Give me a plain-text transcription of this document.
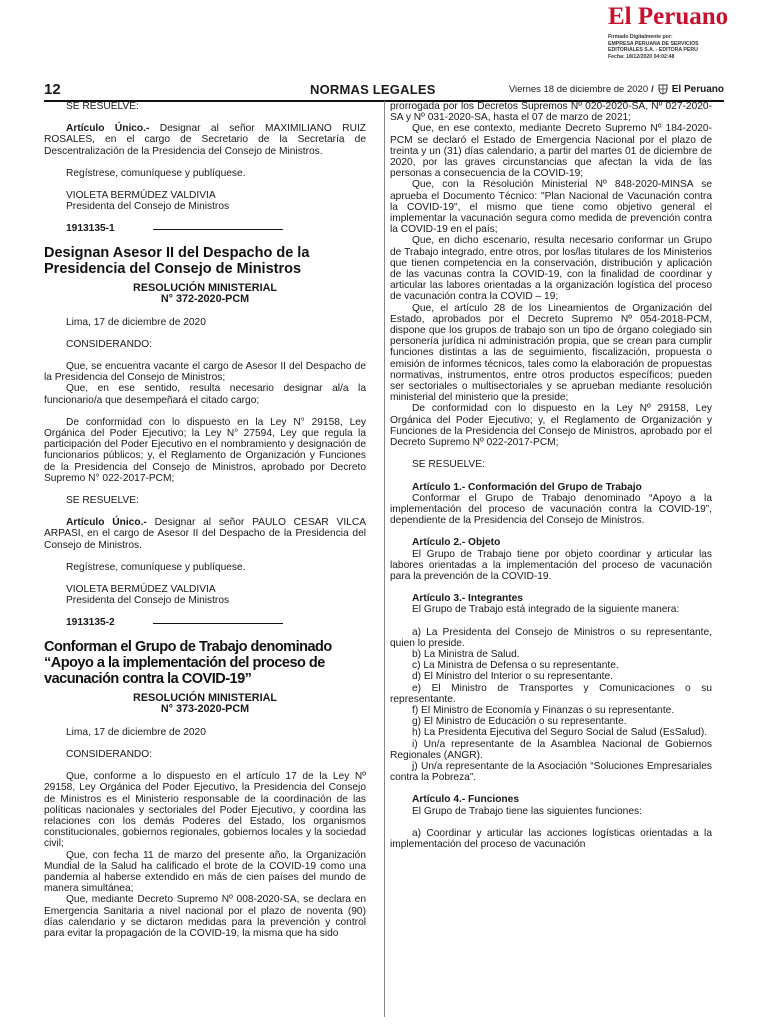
El Peruano
Firmado Digitalmente por:
EMPRESA PERUANA DE SERVICIOS
EDITORIALES S.A. - EDITORA PERU
Fecha: 18/12/2020 04:02:48
12	NORMAS LEGALES	Viernes 18 de diciembre de 2020 / El Peruano

SE RESUELVE:

Artículo Único.- Designar al señor MAXIMILIANO RUIZ ROSALES, en el cargo de Secretario de la Secretaría de Descentralización de la Presidencia del Consejo de Ministros.

Regístrese, comuníquese y publíquese.

VIOLETA BERMÚDEZ VALDIVIA

Presidenta del Consejo de Ministros

1913135-1
Designan Asesor II del Despacho de la Presidencia del Consejo de Ministros
RESOLUCIÓN MINISTERIAL
N° 372-2020-PCM

Lima, 17 de diciembre de 2020

CONSIDERANDO:

Que, se encuentra vacante el cargo de Asesor II del Despacho de la Presidencia del Consejo de Ministros;

Que, en ese sentido, resulta necesario designar al/a la funcionario/a que desempeñará el citado cargo;

De conformidad con lo dispuesto en la Ley N° 29158, Ley Orgánica del Poder Ejecutivo; la Ley N° 27594, Ley que regula la participación del Poder Ejecutivo en el nombramiento y designación de funcionarios públicos; y, el Reglamento de Organización y Funciones de la Presidencia del Consejo de Ministros, aprobado por Decreto Supremo N° 022-2017-PCM;

SE RESUELVE:

Artículo Único.- Designar al señor PAULO CESAR VILCA ARPASI, en el cargo de Asesor II del Despacho de la Presidencia del Consejo de Ministros.

Regístrese, comuníquese y publíquese.

VIOLETA BERMÚDEZ VALDIVIA

Presidenta del Consejo de Ministros

1913135-2
Conforman el Grupo de Trabajo denominado “Apoyo a la implementación del proceso de vacunación contra la COVID-19”
RESOLUCIÓN MINISTERIAL
N° 373-2020-PCM

Lima, 17 de diciembre de 2020

CONSIDERANDO:

Que, conforme a lo dispuesto en el artículo 17 de la Ley Nº 29158, Ley Orgánica del Poder Ejecutivo, la Presidencia del Consejo de Ministros es el Ministerio responsable de la coordinación de las políticas nacionales y sectoriales del Poder Ejecutivo, y coordina las relaciones con los demás Poderes del Estado, los organismos constitucionales, gobiernos regionales, gobiernos locales y la sociedad civil;

Que, con fecha 11 de marzo del presente año, la Organización Mundial de la Salud ha calificado el brote de la COVID-19 como una pandemia al haberse extendido en más de cien países del mundo de manera simultánea;

Que, mediante Decreto Supremo Nº 008-2020-SA, se declara en Emergencia Sanitaria a nivel nacional por el plazo de noventa (90) días calendario y se dictaron medidas para la prevención y control para evitar la propagación de la COVID-19, la misma que ha sido

prorrogada por los Decretos Supremos Nº 020-2020-SA, Nº 027-2020-SA y Nº 031-2020-SA, hasta el 07 de marzo de 2021;

Que, en ese contexto, mediante Decreto Supremo Nº 184-2020-PCM se declaró el Estado de Emergencia Nacional por el plazo de treinta y un (31) días calendario, a partir del martes 01 de diciembre de 2020, por las graves circunstancias que afectan la vida de las personas a consecuencia de la COVID-19;

Que, con la Resolución Ministerial Nº 848-2020-MINSA se aprueba el Documento Técnico: "Plan Nacional de Vacunación contra la COVID-19", el mismo que tiene como objetivo general el implementar la vacunación segura como medida de prevención contra la COVID-19 en el país;

Que, en dicho escenario, resulta necesario conformar un Grupo de Trabajo integrado, entre otros, por los/las titulares de los Ministerios que tienen competencia en la conservación, distribución y aplicación de las vacunas contra la COVID-19, con la finalidad de coordinar y articular las labores orientadas a la organización logística del proceso de vacunación contra la COVID – 19;

Que, el artículo 28 de los Lineamientos de Organización del Estado, aprobados por el Decreto Supremo Nº 054-2018-PCM, dispone que los grupos de trabajo son un tipo de órgano colegiado sin personería jurídica ni administración propia, que se crean para cumplir funciones distintas a las de seguimiento, fiscalización, propuesta o emisión de informes técnicos, tales como la elaboración de propuestas normativas, instrumentos, entre otros productos específicos; pueden ser sectoriales o multisectoriales y se aprueban mediante resolución ministerial del ministerio que la preside;

De conformidad con lo dispuesto en la Ley Nº 29158, Ley Orgánica del Poder Ejecutivo; y, el Reglamento de Organización y Funciones de la Presidencia del Consejo de Ministros, aprobado por el Decreto Supremo Nº 022-2017-PCM;

SE RESUELVE:

Artículo 1.- Conformación del Grupo de Trabajo

Conformar el Grupo de Trabajo denominado “Apoyo a la implementación del proceso de vacunación contra la COVID-19”, dependiente de la Presidencia del Consejo de Ministros.

Artículo 2.- Objeto

El Grupo de Trabajo tiene por objeto coordinar y articular las labores orientadas a la implementación del proceso de vacunación para la prevención de la COVID-19.

Artículo 3.- Integrantes

El Grupo de Trabajo está integrado de la siguiente manera:

a) La Presidenta del Consejo de Ministros o su representante, quien lo preside.

b) La Ministra de Salud.

c) La Ministra de Defensa o su representante.

d) El Ministro del Interior o su representante.

e) El Ministro de Transportes y Comunicaciones o su representante.

f) El Ministro de Economía y Finanzas o su representante.

g) El Ministro de Educación o su representante.

h) La Presidenta Ejecutiva del Seguro Social de Salud (EsSalud).

i) Un/a representante de la Asamblea Nacional de Gobiernos Regionales (ANGR).

j) Un/a representante de la Asociación “Soluciones Empresariales contra la Pobreza”.

Artículo 4.- Funciones

El Grupo de Trabajo tiene las siguientes funciones:

a) Coordinar y articular las acciones logísticas orientadas a la implementación del proceso de vacunación
